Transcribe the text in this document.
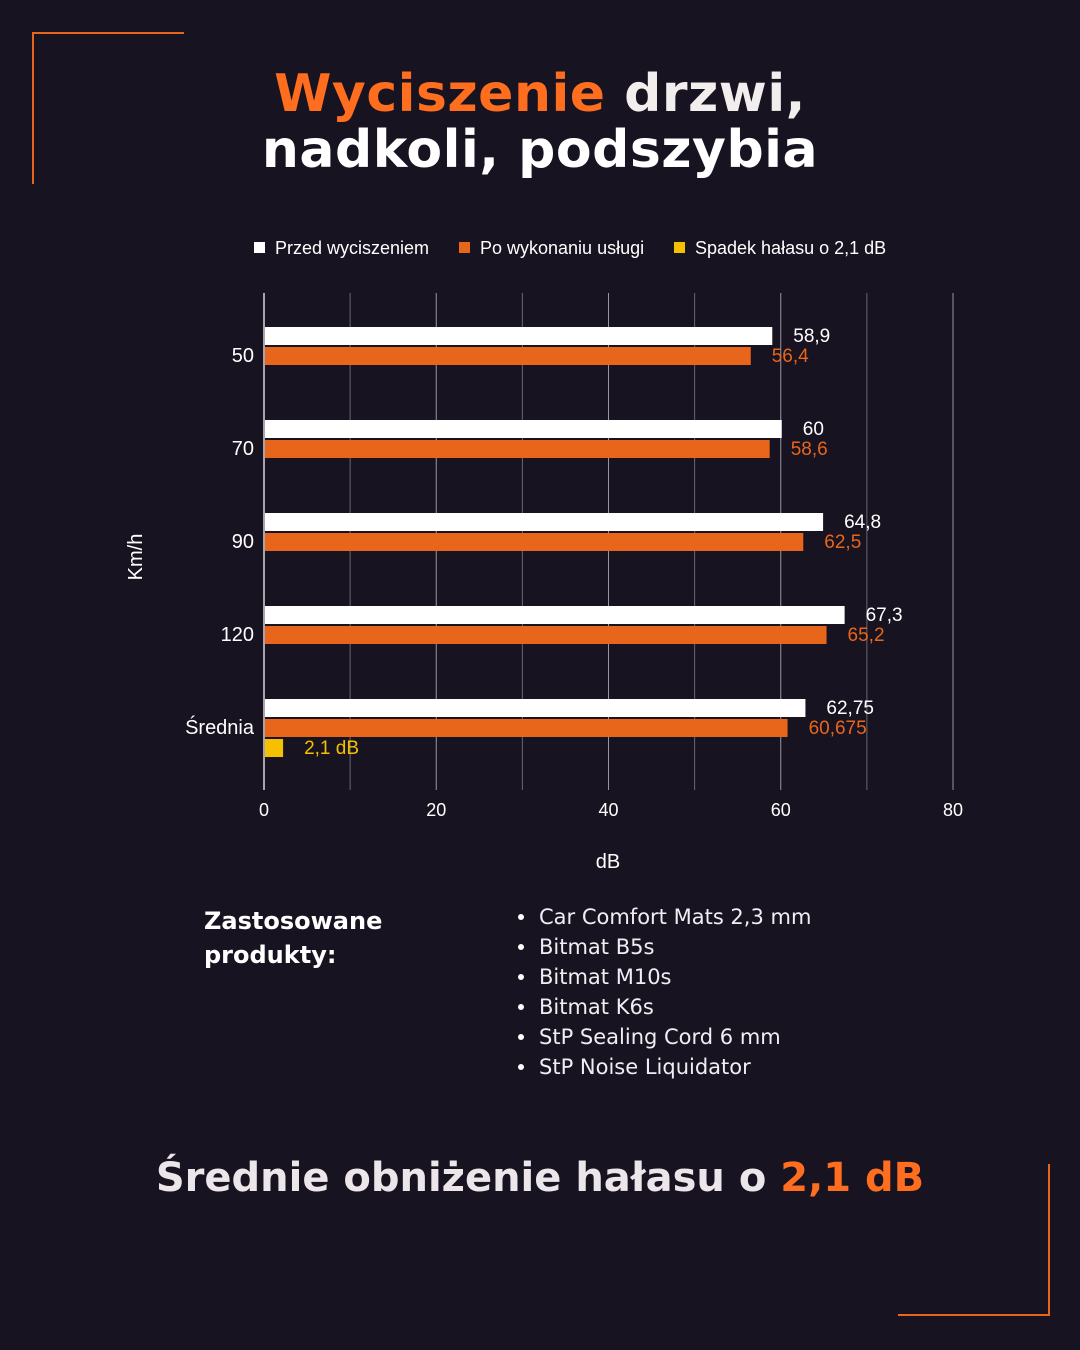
Wyciszenie drzwi,
nadkoli, podszybia
0	20	40	60	80
dB
Km/h
Przed wyciszeniem	Po wykonaniu usługi	Spadek hałasu o 2,1 dB
50
58,9
56,4
70
60
58,6
90
64,8
62,5
120
67,3
65,2
Średnia
62,75
60,675
2,1 dB

Zastosowane
produkty:

Car Comfort Mats 2,3 mm
Bitmat B5s
Bitmat M10s
Bitmat K6s
StP Sealing Cord 6 mm
StP Noise Liquidator

Średnie obniżenie hałasu o 2,1 dB
